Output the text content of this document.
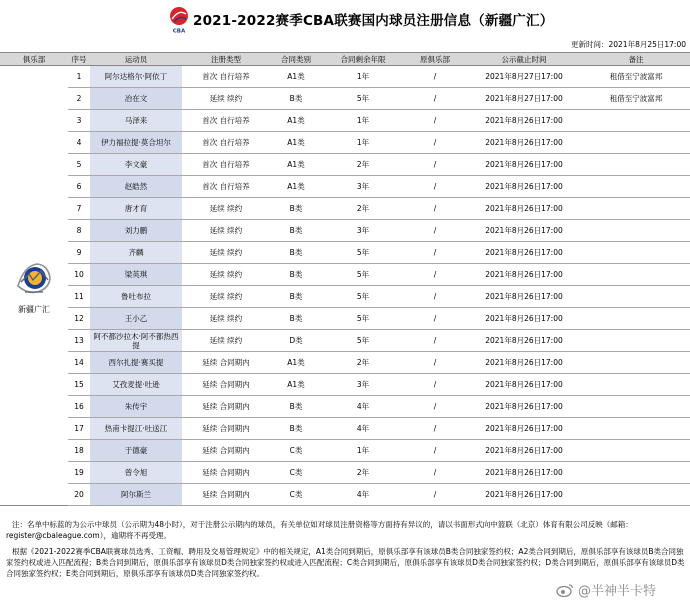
CBA
2021-2022赛季CBA联赛国内球员注册信息（新疆广汇）
更新时间：2021年8月25日17:00
俱乐部	序号	运动员	注册类型	合同类别	合同剩余年限	原俱乐部	公示截止时间	备注

新疆广汇	1	阿尔达格尔·阿依丁	首次 自行培养	A1类	1年	/	2021年8月27日17:00	租借至宁波富邦
	2	冶在文	延续 续约	B类	5年	/	2021年8月27日17:00	租借至宁波富邦
	3	马泽来	首次 自行培养	A1类	1年	/	2021年8月26日17:00	
	4	伊力福拉提·莫合坦尔	首次 自行培养	A1类	1年	/	2021年8月26日17:00	
	5	李文豪	首次 自行培养	A1类	2年	/	2021年8月26日17:00	
	6	赵皓然	首次 自行培养	A1类	3年	/	2021年8月26日17:00	
	7	唐才育	延续 续约	B类	2年	/	2021年8月26日17:00	
	8	刘力鹏	延续 续约	B类	3年	/	2021年8月26日17:00	
	9	齐麟	延续 续约	B类	5年	/	2021年8月26日17:00	
	10	梁英琪	延续 续约	B类	5年	/	2021年8月26日17:00	
	11	鲁吐布拉	延续 续约	B类	5年	/	2021年8月26日17:00	
	12	王小乙	延续 续约	B类	5年	/	2021年8月26日17:00	
	13	阿不都沙拉木·阿不都热西提	延续 续约	D类	5年	/	2021年8月26日17:00	
	14	西尔扎提·赛买提	延续 合同期内	A1类	2年	/	2021年8月26日17:00	
	15	艾孜麦提·吐逊	延续 合同期内	A1类	3年	/	2021年8月26日17:00	
	16	朱传宇	延续 合同期内	B类	4年	/	2021年8月26日17:00	
	17	热甫卡提江·吐送江	延续 合同期内	B类	4年	/	2021年8月26日17:00	
	18	于德豪	延续 合同期内	C类	1年	/	2021年8月26日17:00	
	19	曾令旭	延续 合同期内	C类	2年	/	2021年8月26日17:00	
	20	阿尔斯兰	延续 合同期内	C类	4年	/	2021年8月26日17:00	

注：名单中标蓝的为公示中球员（公示期为48小时），对于注册公示期内的球员，有关单位如对球员注册资格等方面持有异议的，请以书面形式向中篮联（北京）体育有限公司反映（邮箱：register@cbaleague.com），逾期将不再受理。

根据《2021-2022赛季CBA联赛球员选秀、工资帽、聘用及交易管理规定》中的相关规定，A1类合同到期后，原俱乐部享有该球员B类合同独家签约权；A2类合同到期后，原俱乐部享有该球员B类合同独家签约权或进入匹配流程；B类合同到期后，原俱乐部享有该球员D类合同独家签约权或进入匹配流程；C类合同到期后，原俱乐部享有该球员D类合同独家签约权；D类合同到期后，原俱乐部享有该球员D类合同独家签约权；E类合同到期后，原俱乐部享有该球员D类合同独家签约权。

@半神半卡特
